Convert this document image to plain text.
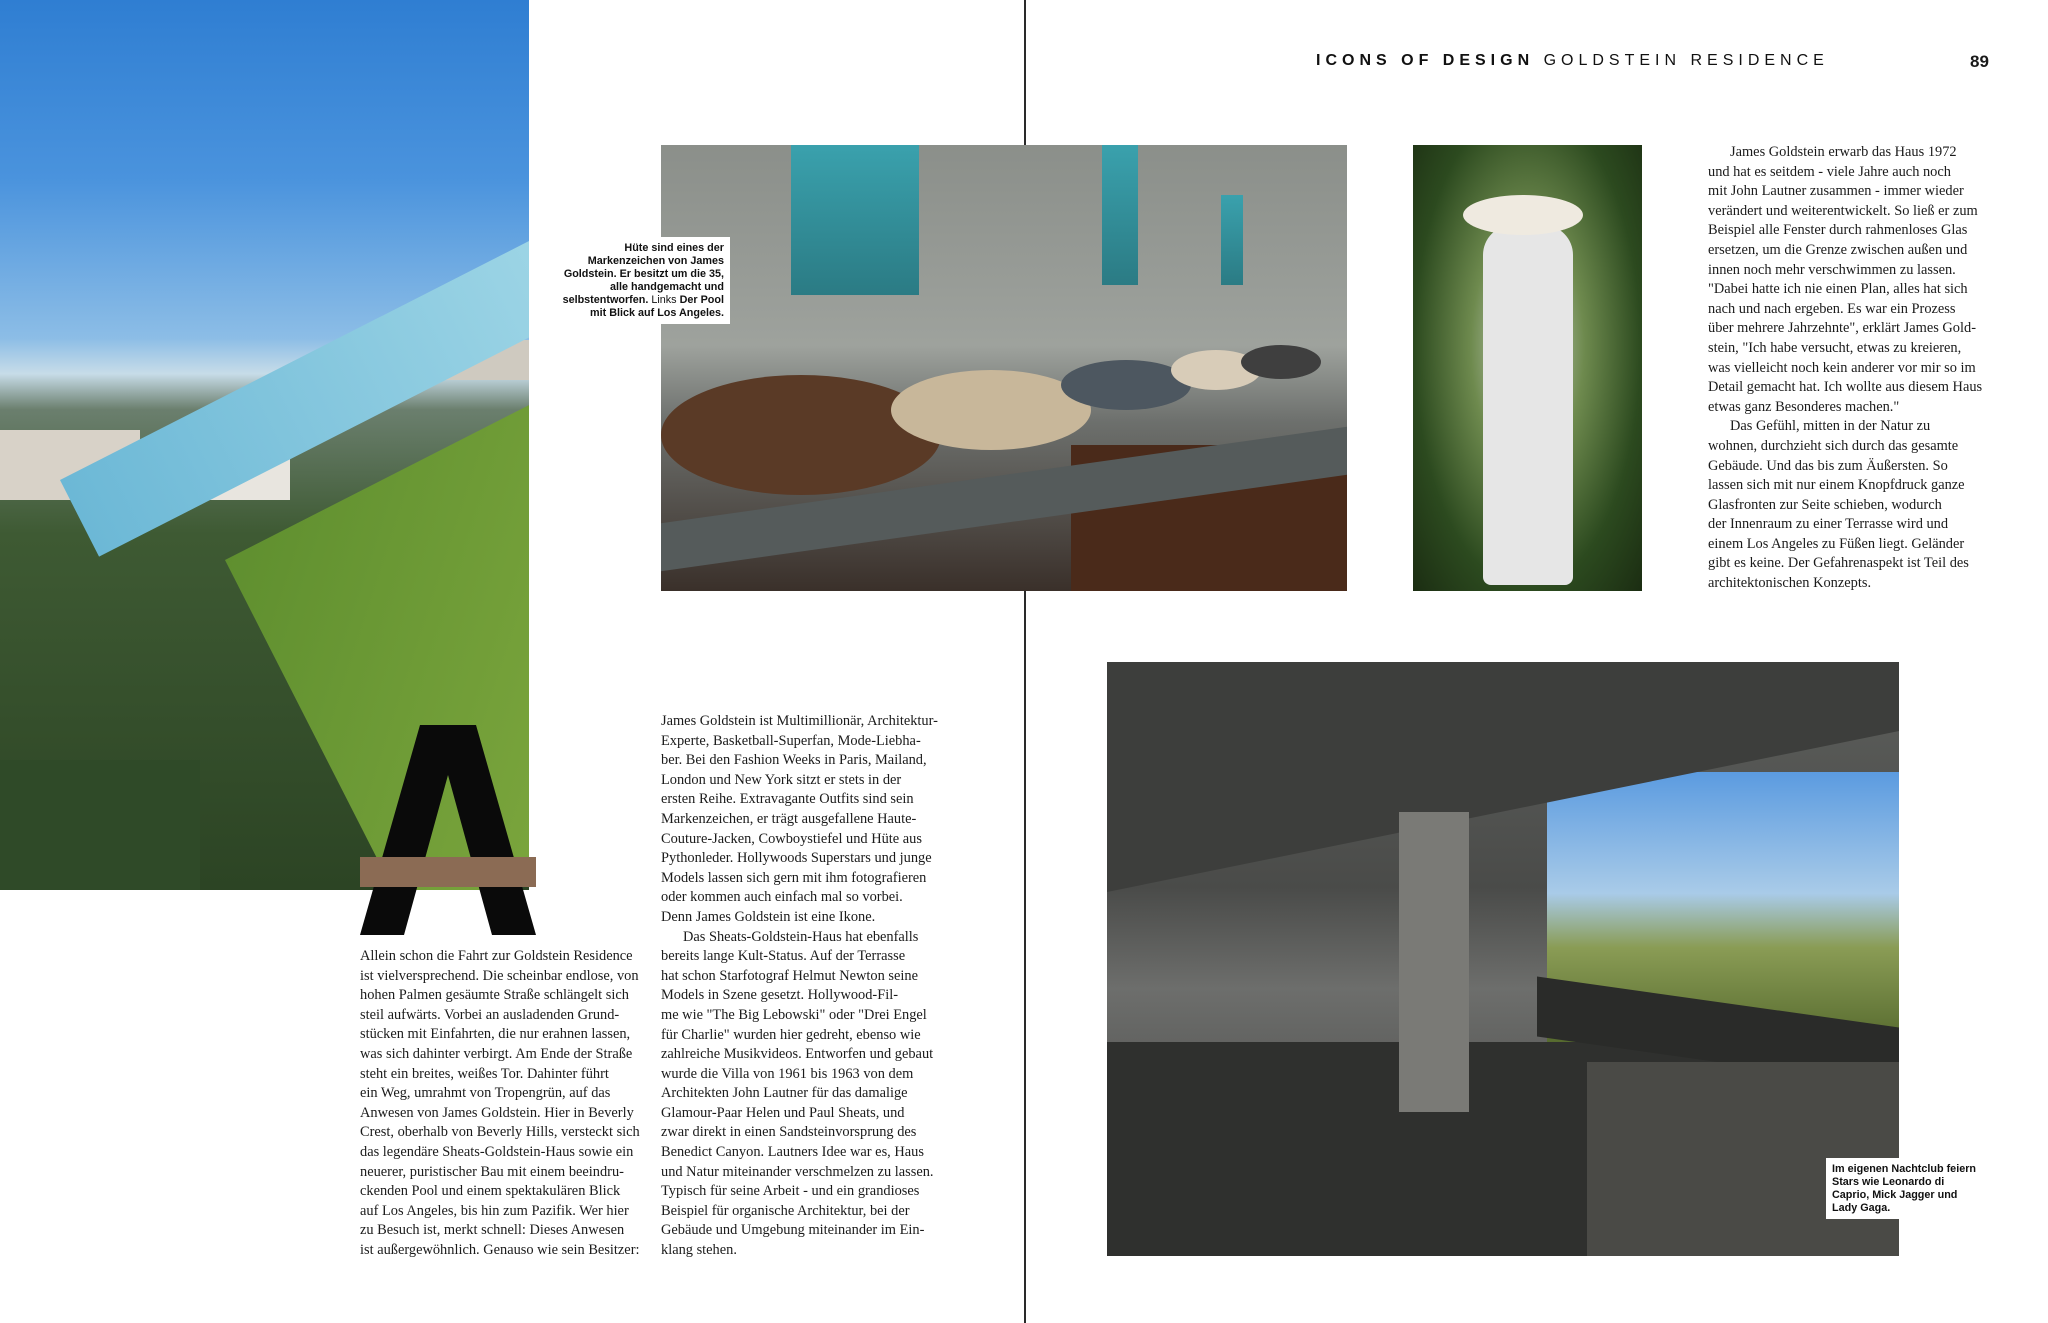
ICONS OF DESIGN GOLDSTEIN RESIDENCE	89
Hüte sind eines der Markenzeichen von James Goldstein. Er besitzt um die 35, alle handgemacht und selbstentworfen. Links Der Pool mit Blick auf Los Angeles.
Im eigenen Nachtclub feiern Stars wie Leonardo di Caprio, Mick Jagger und Lady Gaga.

Allein schon die Fahrt zur Goldstein Residence
ist vielversprechend. Die scheinbar endlose, von
hohen Palmen gesäumte Straße schlängelt sich
steil aufwärts. Vorbei an ausladenden Grund-
stücken mit Einfahrten, die nur erahnen lassen,
was sich dahinter verbirgt. Am Ende der Straße
steht ein breites, weißes Tor. Dahinter führt
ein Weg, umrahmt von Tropengrün, auf das
Anwesen von James Goldstein. Hier in Beverly
Crest, oberhalb von Beverly Hills, versteckt sich
das legendäre Sheats-Goldstein-Haus sowie ein
neuerer, puristischer Bau mit einem beeindru-
ckenden Pool und einem spektakulären Blick
auf Los Angeles, bis hin zum Pazifik. Wer hier
zu Besuch ist, merkt schnell: Dieses Anwesen
ist außergewöhnlich. Genauso wie sein Besitzer:

James Goldstein ist Multimillionär, Architektur-
Experte, Basketball-Superfan, Mode-Liebha-
ber. Bei den Fashion Weeks in Paris, Mailand,
London und New York sitzt er stets in der
ersten Reihe. Extravagante Outfits sind sein
Markenzeichen, er trägt ausgefallene Haute-
Couture-Jacken, Cowboystiefel und Hüte aus
Pythonleder. Hollywoods Superstars und junge
Models lassen sich gern mit ihm fotografieren
oder kommen auch einfach mal so vorbei.
Denn James Goldstein ist eine Ikone.

Das Sheats-Goldstein-Haus hat ebenfalls
bereits lange Kult-Status. Auf der Terrasse
hat schon Starfotograf Helmut Newton seine
Models in Szene gesetzt. Hollywood-Fil-
me wie "The Big Lebowski" oder "Drei Engel
für Charlie" wurden hier gedreht, ebenso wie
zahlreiche Musikvideos. Entworfen und gebaut
wurde die Villa von 1961 bis 1963 von dem
Architekten John Lautner für das damalige
Glamour-Paar Helen und Paul Sheats, und
zwar direkt in einen Sandsteinvorsprung des
Benedict Canyon. Lautners Idee war es, Haus
und Natur miteinander verschmelzen zu lassen.
Typisch für seine Arbeit - und ein grandioses
Beispiel für organische Architektur, bei der
Gebäude und Umgebung miteinander im Ein-
klang stehen.

James Goldstein erwarb das Haus 1972
und hat es seitdem - viele Jahre auch noch
mit John Lautner zusammen - immer wieder
verändert und weiterentwickelt. So ließ er zum
Beispiel alle Fenster durch rahmenloses Glas
ersetzen, um die Grenze zwischen außen und
innen noch mehr verschwimmen zu lassen.
"Dabei hatte ich nie einen Plan, alles hat sich
nach und nach ergeben. Es war ein Prozess
über mehrere Jahrzehnte", erklärt James Gold-
stein, "Ich habe versucht, etwas zu kreieren,
was vielleicht noch kein anderer vor mir so im
Detail gemacht hat. Ich wollte aus diesem Haus
etwas ganz Besonderes machen."

Das Gefühl, mitten in der Natur zu
wohnen, durchzieht sich durch das gesamte
Gebäude. Und das bis zum Äußersten. So
lassen sich mit nur einem Knopfdruck ganze
Glasfronten zur Seite schieben, wodurch
der Innenraum zu einer Terrasse wird und
einem Los Angeles zu Füßen liegt. Geländer
gibt es keine. Der Gefahrenaspekt ist Teil des
architektonischen Konzepts.
